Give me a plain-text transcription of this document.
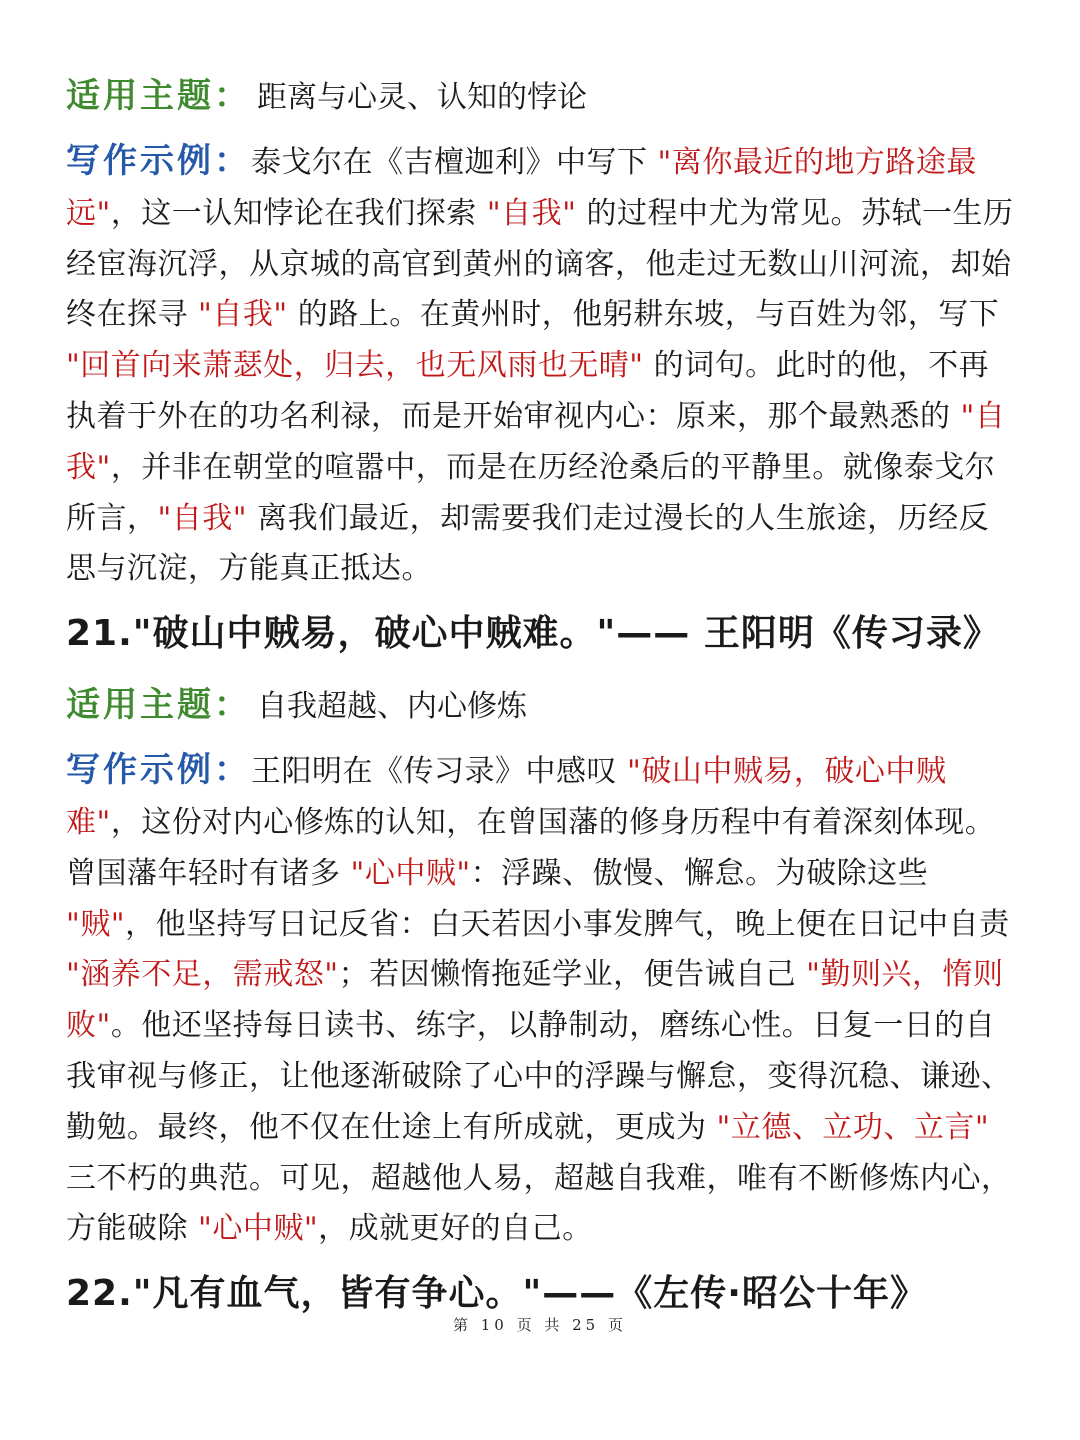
适用主题： 距离与心灵、认知的悖论
写作示例：泰戈尔在《吉檀迦利》中写下 "离你最近的地方路途最远"，这一认知悖论在我们探索 "自我" 的过程中尤为常见。苏轼一生历经宦海沉浮，从京城的高官到黄州的谪客，他走过无数山川河流，却始终在探寻 "自我" 的路上。在黄州时，他躬耕东坡，与百姓为邻，写下 "回首向来萧瑟处，归去，也无风雨也无晴" 的词句。此时的他，不再执着于外在的功名利禄，而是开始审视内心：原来，那个最熟悉的 "自我"，并非在朝堂的喧嚣中，而是在历经沧桑后的平静里。就像泰戈尔所言，"自我" 离我们最近，却需要我们走过漫长的人生旅途，历经反思与沉淀，方能真正抵达。
21."破山中贼易，破心中贼难。"—— 王阳明《传习录》
适用主题： 自我超越、内心修炼
写作示例：王阳明在《传习录》中感叹 "破山中贼易，破心中贼难"，这份对内心修炼的认知，在曾国藩的修身历程中有着深刻体现。曾国藩年轻时有诸多 "心中贼"：浮躁、傲慢、懈怠。为破除这些 "贼"，他坚持写日记反省：白天若因小事发脾气，晚上便在日记中自责 "涵养不足，需戒怒"；若因懒惰拖延学业，便告诫自己 "勤则兴，惰则败"。他还坚持每日读书、练字，以静制动，磨练心性。日复一日的自我审视与修正，让他逐渐破除了心中的浮躁与懈怠，变得沉稳、谦逊、勤勉。最终，他不仅在仕途上有所成就，更成为 "立德、立功、立言" 三不朽的典范。可见，超越他人易，超越自我难，唯有不断修炼内心，方能破除 "心中贼"，成就更好的自己。
22."凡有血气，皆有争心。"——《左传·昭公十年》
第 10 页 共 25 页
